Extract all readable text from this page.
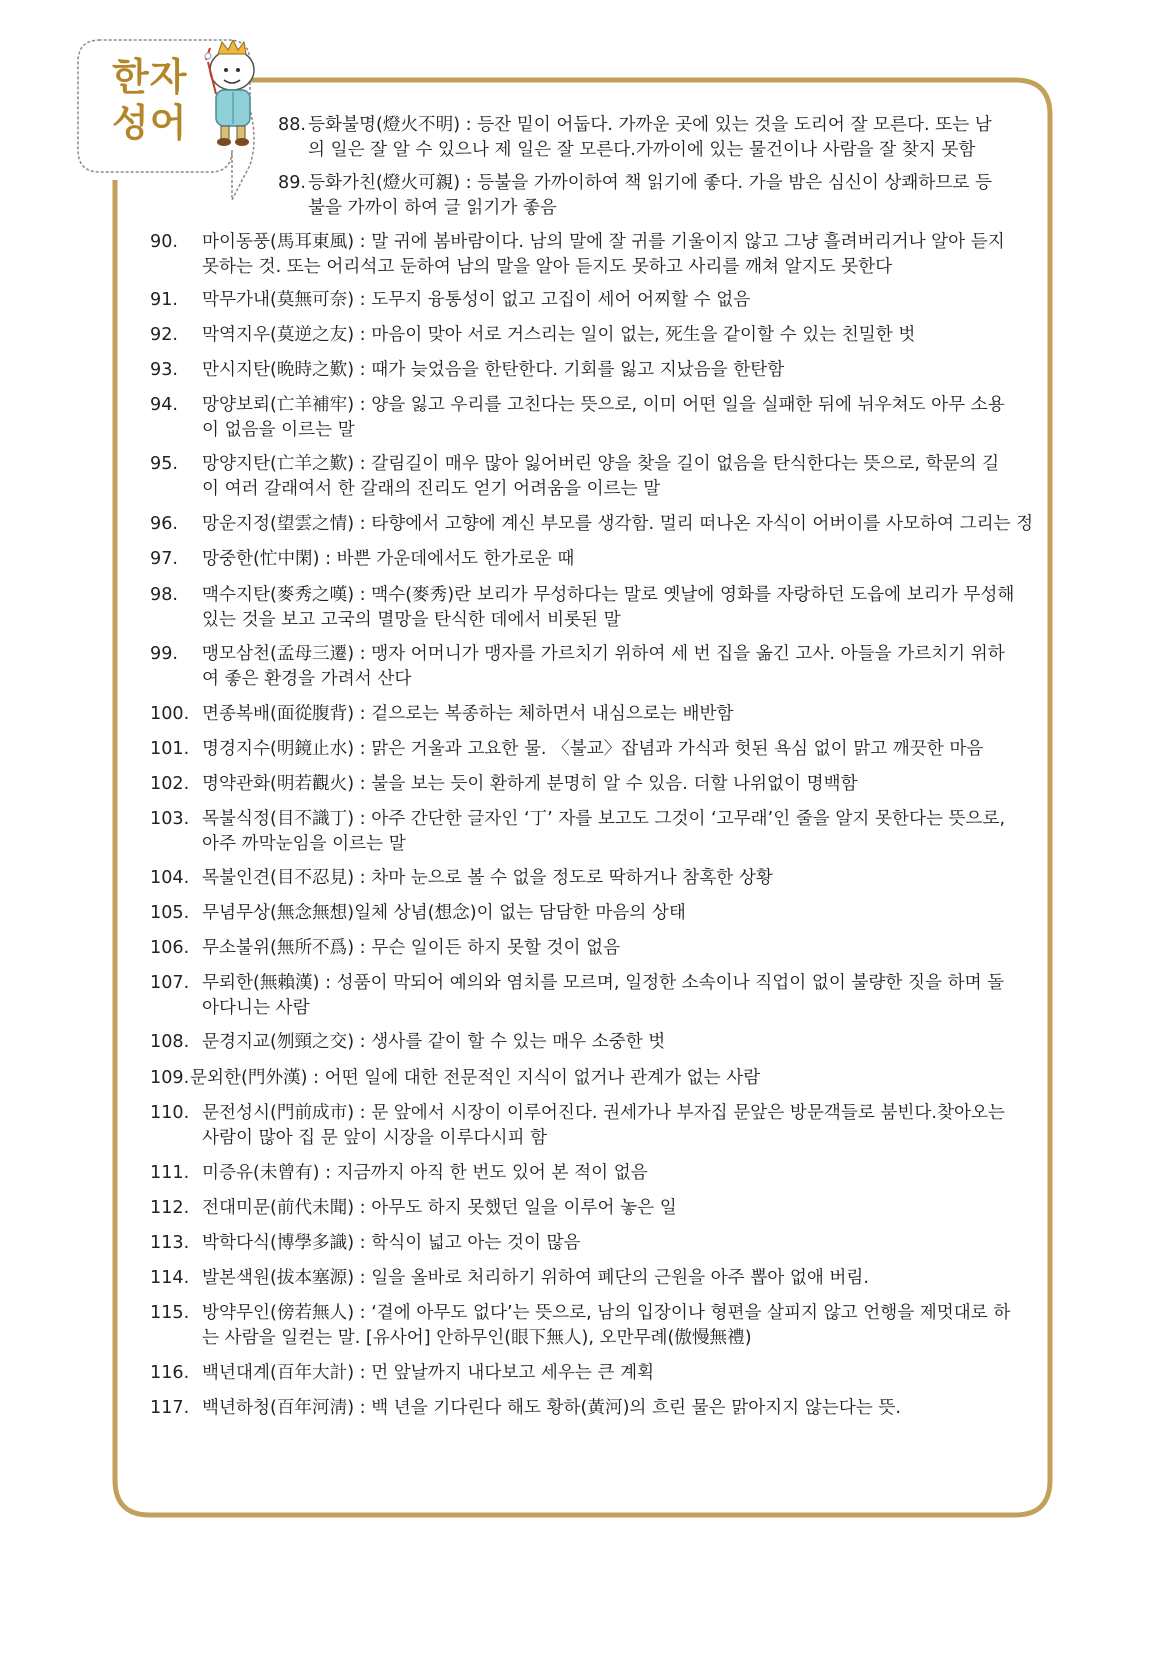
한자
성어	88. 등화불명(燈火不明) : 등잔 밑이 어둡다. 가까운 곳에 있는 것을 도리어 잘 모른다. 또는 남
의 일은 잘 알 수 있으나 제 일은 잘 모른다.가까이에 있는 물건이나 사람을 잘 찾지 못함
89. 등화가친(燈火可親) : 등불을 가까이하여 책 읽기에 좋다. 가을 밤은 심신이 상쾌하므로 등
불을 가까이 하여 글 읽기가 좋음
90.	마이동풍(馬耳東風) : 말 귀에 봄바람이다. 남의 말에 잘 귀를 기울이지 않고 그냥 흘려버리거나 알아 듣지
못하는 것. 또는 어리석고 둔하여 남의 말을 알아 듣지도 못하고 사리를 깨쳐 알지도 못한다
91.	막무가내(莫無可奈) : 도무지 융통성이 없고 고집이 세어 어찌할 수 없음
92.	막역지우(莫逆之友) : 마음이 맞아 서로 거스리는 일이 없는, 死生을 같이할 수 있는 친밀한 벗
93.	만시지탄(晩時之歎) : 때가 늦었음을 한탄한다. 기회를 잃고 지났음을 한탄함
94.	망양보뢰(亡羊補牢) : 양을 잃고 우리를 고친다는 뜻으로, 이미 어떤 일을 실패한 뒤에 뉘우쳐도 아무 소용
이 없음을 이르는 말
95.	망양지탄(亡羊之歎) : 갈림길이 매우 많아 잃어버린 양을 찾을 길이 없음을 탄식한다는 뜻으로, 학문의 길
이 여러 갈래여서 한 갈래의 진리도 얻기 어려움을 이르는 말
96.	망운지정(望雲之情) : 타향에서 고향에 계신 부모를 생각함. 멀리 떠나온 자식이 어버이를 사모하여 그리는 정
97.	망중한(忙中閑) : 바쁜 가운데에서도 한가로운 때
98.	맥수지탄(麥秀之嘆) : 맥수(麥秀)란 보리가 무성하다는 말로 옛날에 영화를 자랑하던 도읍에 보리가 무성해
있는 것을 보고 고국의 멸망을 탄식한 데에서 비롯된 말
99.	맹모삼천(孟母三遷) : 맹자 어머니가 맹자를 가르치기 위하여 세 번 집을 옮긴 고사. 아들을 가르치기 위하
여 좋은 환경을 가려서 산다
100. 면종복배(面從腹背) : 겉으로는 복종하는 체하면서 내심으로는 배반함
101. 명경지수(明鏡止水) : 맑은 거울과 고요한 물. 〈불교〉잡념과 가식과 헛된 욕심 없이 맑고 깨끗한 마음
102. 명약관화(明若觀火) : 불을 보는 듯이 환하게 분명히 알 수 있음. 더할 나위없이 명백함
103. 목불식정(目不識丁) : 아주 간단한 글자인 ‘丁’ 자를 보고도 그것이 ‘고무래’인 줄을 알지 못한다는 뜻으로,
아주 까막눈임을 이르는 말
104. 목불인견(目不忍見) : 차마 눈으로 볼 수 없을 정도로 딱하거나 참혹한 상황
105. 무념무상(無念無想)일체 상념(想念)이 없는 담담한 마음의 상태
106. 무소불위(無所不爲) : 무슨 일이든 하지 못할 것이 없음
107. 무뢰한(無賴漢) : 성품이 막되어 예의와 염치를 모르며, 일정한 소속이나 직업이 없이 불량한 짓을 하며 돌
아다니는 사람
108. 문경지교(刎頸之交) : 생사를 같이 할 수 있는 매우 소중한 벗
109. 문외한(門外漢) : 어떤 일에 대한 전문적인 지식이 없거나 관계가 없는 사람
110. 문전성시(門前成市) : 문 앞에서 시장이 이루어진다. 권세가나 부자집 문앞은 방문객들로 붐빈다.찾아오는
사람이 많아 집 문 앞이 시장을 이루다시피 함
111. 미증유(未曾有) : 지금까지 아직 한 번도 있어 본 적이 없음
112. 전대미문(前代未聞) : 아무도 하지 못했던 일을 이루어 놓은 일
113. 박학다식(博學多識) : 학식이 넓고 아는 것이 많음
114. 발본색원(拔本塞源) : 일을 올바로 처리하기 위하여 폐단의 근원을 아주 뽑아 없애 버림.
115. 방약무인(傍若無人) : ‘곁에 아무도 없다’는 뜻으로, 남의 입장이나 형편을 살피지 않고 언행을 제멋대로 하
는 사람을 일컫는 말. [유사어] 안하무인(眼下無人), 오만무례(傲慢無禮)
116. 백년대계(百年大計) : 먼 앞날까지 내다보고 세우는 큰 계획
117. 백년하청(百年河淸) : 백 년을 기다린다 해도 황하(黃河)의 흐린 물은 맑아지지 않는다는 뜻.
